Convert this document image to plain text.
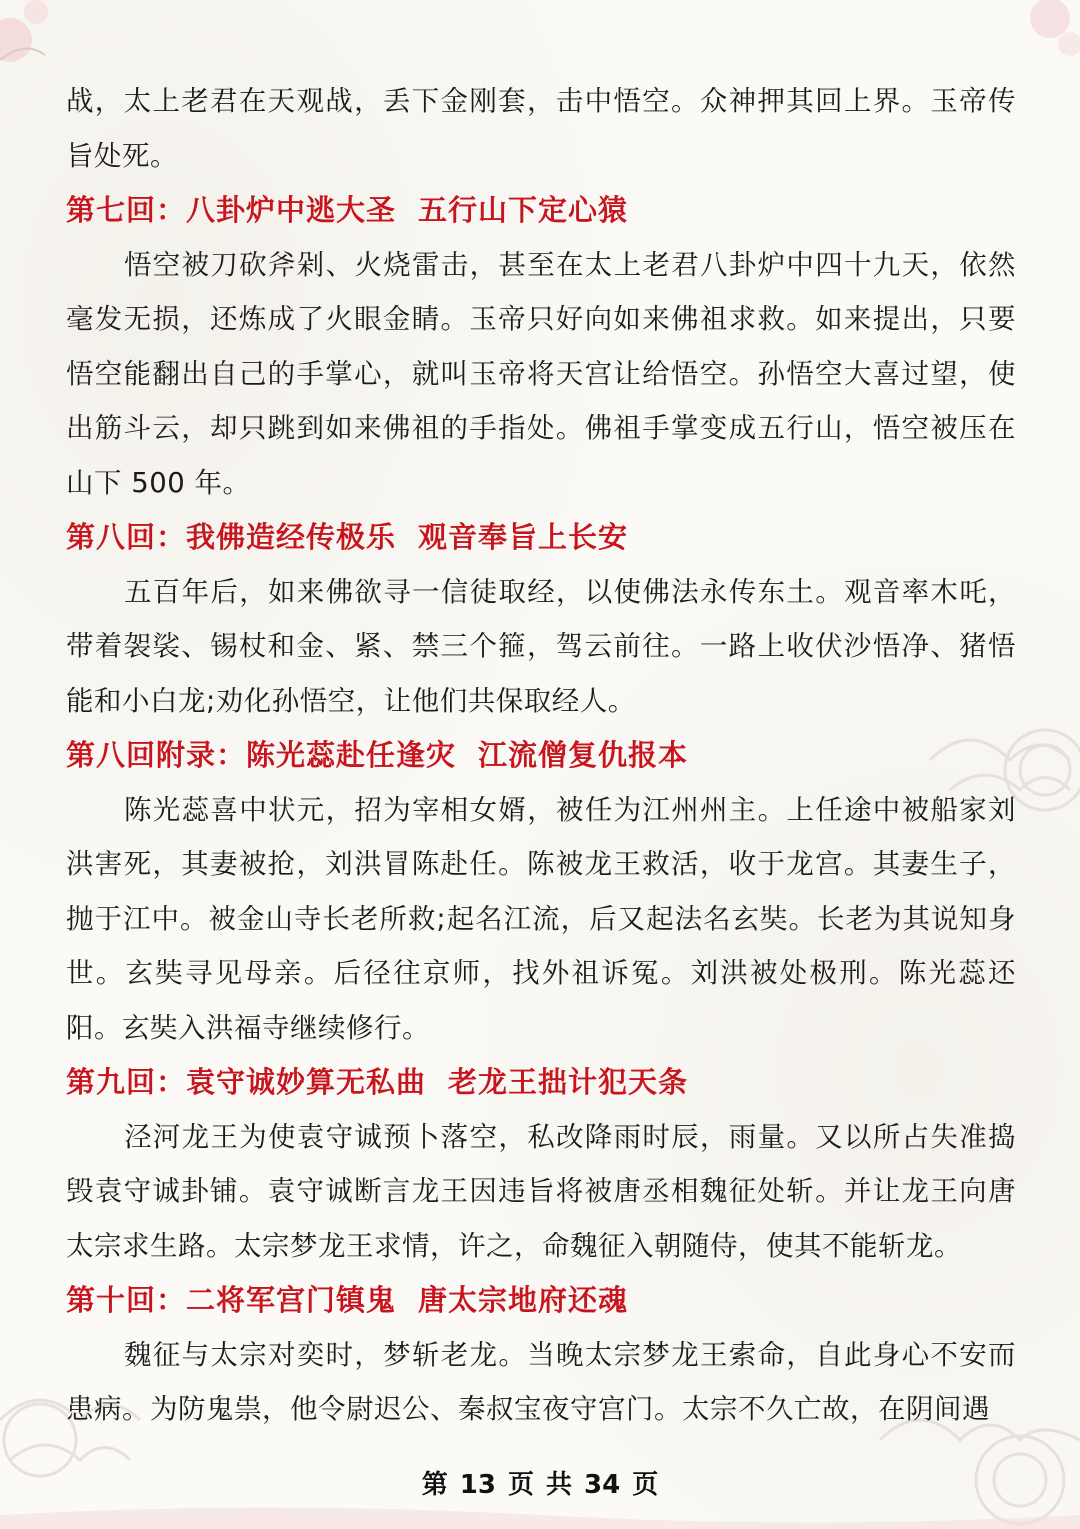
战，太上老君在天观战，丢下金刚套，击中悟空。众神押其回上界。玉帝传旨处死。

第七回：八卦炉中逃大圣 五行山下定心猿

悟空被刀砍斧剁、火烧雷击，甚至在太上老君八卦炉中四十九天，依然毫发无损，还炼成了火眼金睛。玉帝只好向如来佛祖求救。如来提出，只要悟空能翻出自己的手掌心，就叫玉帝将天宫让给悟空。孙悟空大喜过望，使出筋斗云，却只跳到如来佛祖的手指处。佛祖手掌变成五行山，悟空被压在山下 500 年。

第八回：我佛造经传极乐 观音奉旨上长安

五百年后，如来佛欲寻一信徒取经，以使佛法永传东土。观音率木吒，带着袈裟、锡杖和金、紧、禁三个箍，驾云前往。一路上收伏沙悟净、猪悟能和小白龙;劝化孙悟空，让他们共保取经人。

第八回附录：陈光蕊赴任逢灾 江流僧复仇报本

陈光蕊喜中状元，招为宰相女婿，被任为江州州主。上任途中被船家刘洪害死，其妻被抢，刘洪冒陈赴任。陈被龙王救活，收于龙宫。其妻生子，抛于江中。被金山寺长老所救;起名江流，后又起法名玄奘。长老为其说知身世。玄奘寻见母亲。后径往京师，找外祖诉冤。刘洪被处极刑。陈光蕊还阳。玄奘入洪福寺继续修行。

第九回：袁守诚妙算无私曲 老龙王拙计犯天条

泾河龙王为使袁守诚预卜落空，私改降雨时辰，雨量。又以所占失准捣毁袁守诚卦铺。袁守诚断言龙王因违旨将被唐丞相魏征处斩。并让龙王向唐太宗求生路。太宗梦龙王求情，许之，命魏征入朝随侍，使其不能斩龙。

第十回：二将军宫门镇鬼 唐太宗地府还魂

魏征与太宗对奕时，梦斩老龙。当晚太宗梦龙王索命，自此身心不安而患病。为防鬼祟，他令尉迟公、秦叔宝夜守宫门。太宗不久亡故，在阴间遇

第 13 页 共 34 页
